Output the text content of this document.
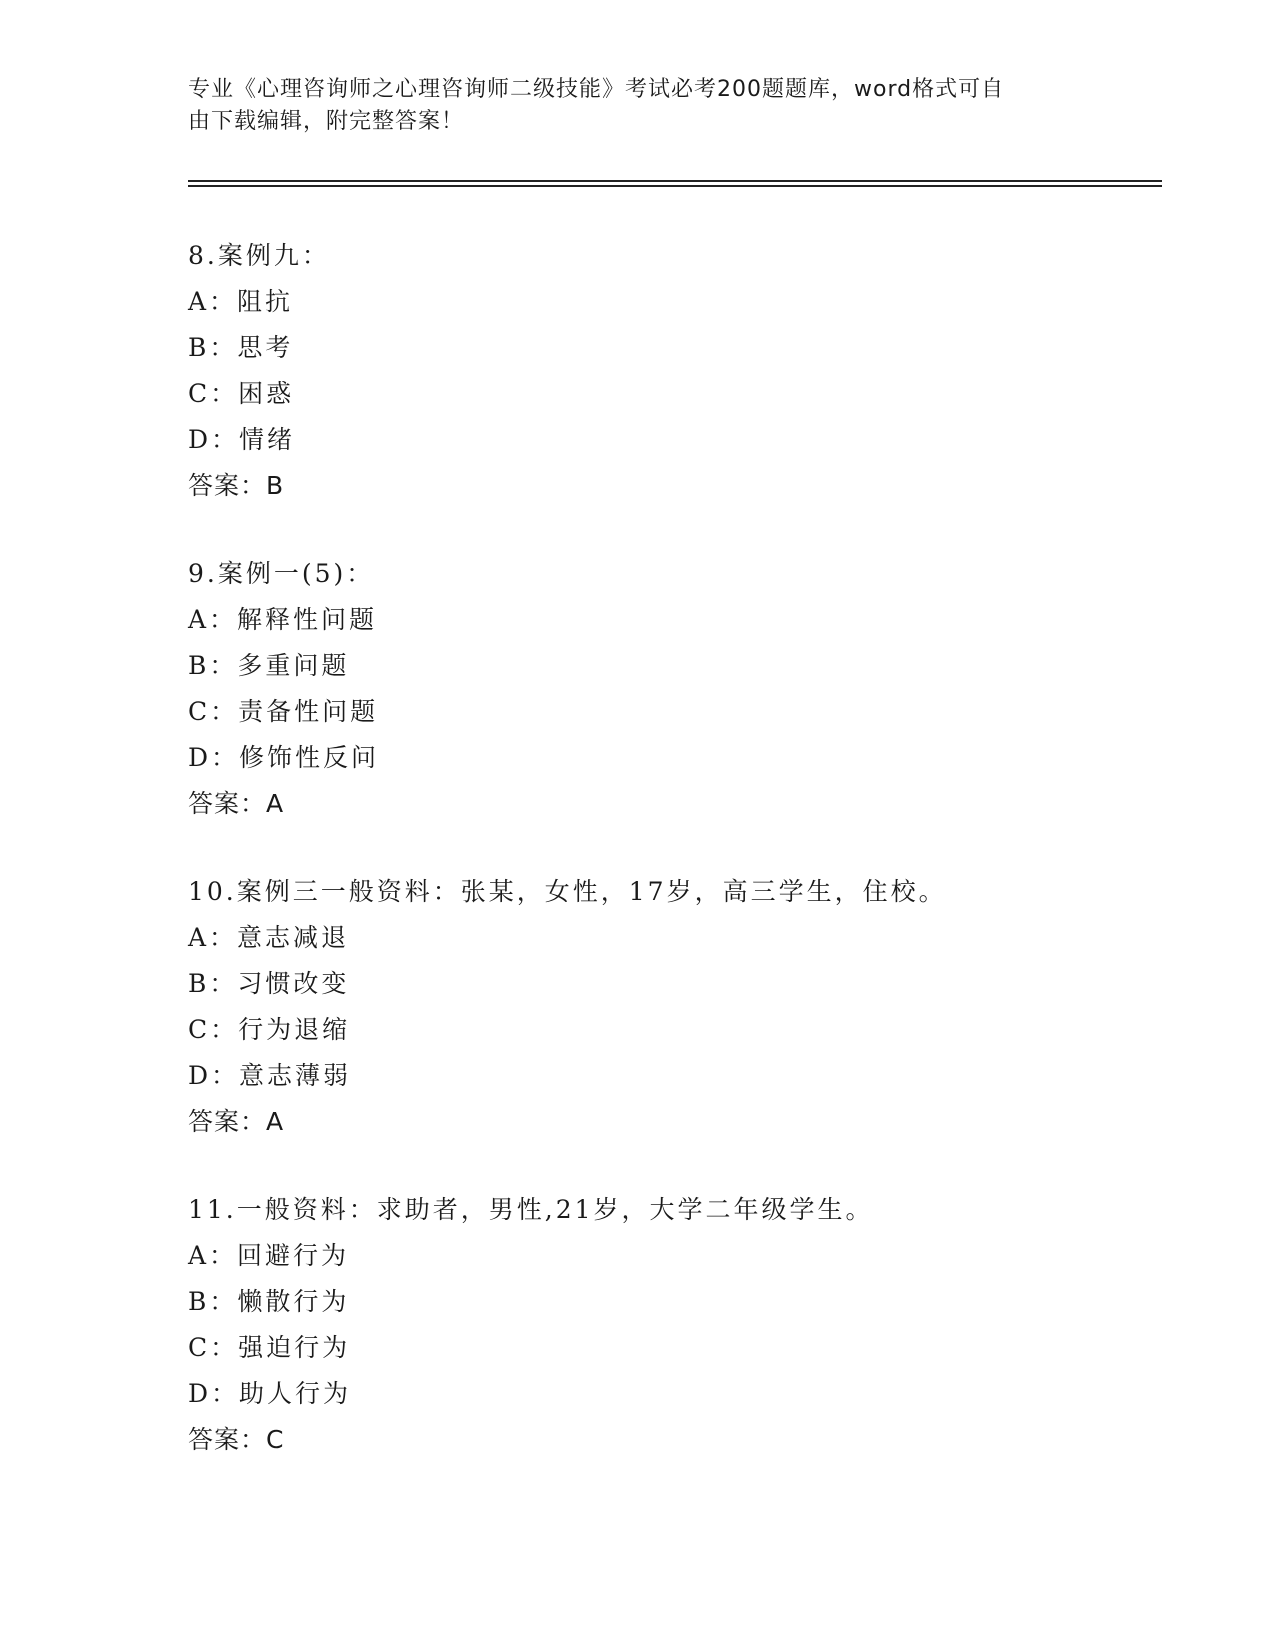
专业《心理咨询师之心理咨询师二级技能》考试必考200题题库，word格式可自
由下载编辑，附完整答案！
8.案例九：
A：阻抗
B：思考
C：困惑
D：情绪
答案：B
9.案例一(5)：
A：解释性问题
B：多重问题
C：责备性问题
D：修饰性反问
答案：A
10.案例三一般资料：张某，女性，17岁，高三学生，住校。
A：意志减退
B：习惯改变
C：行为退缩
D：意志薄弱
答案：A
11.一般资料：求助者，男性,21岁，大学二年级学生。
A：回避行为
B：懒散行为
C：强迫行为
D：助人行为
答案：C
